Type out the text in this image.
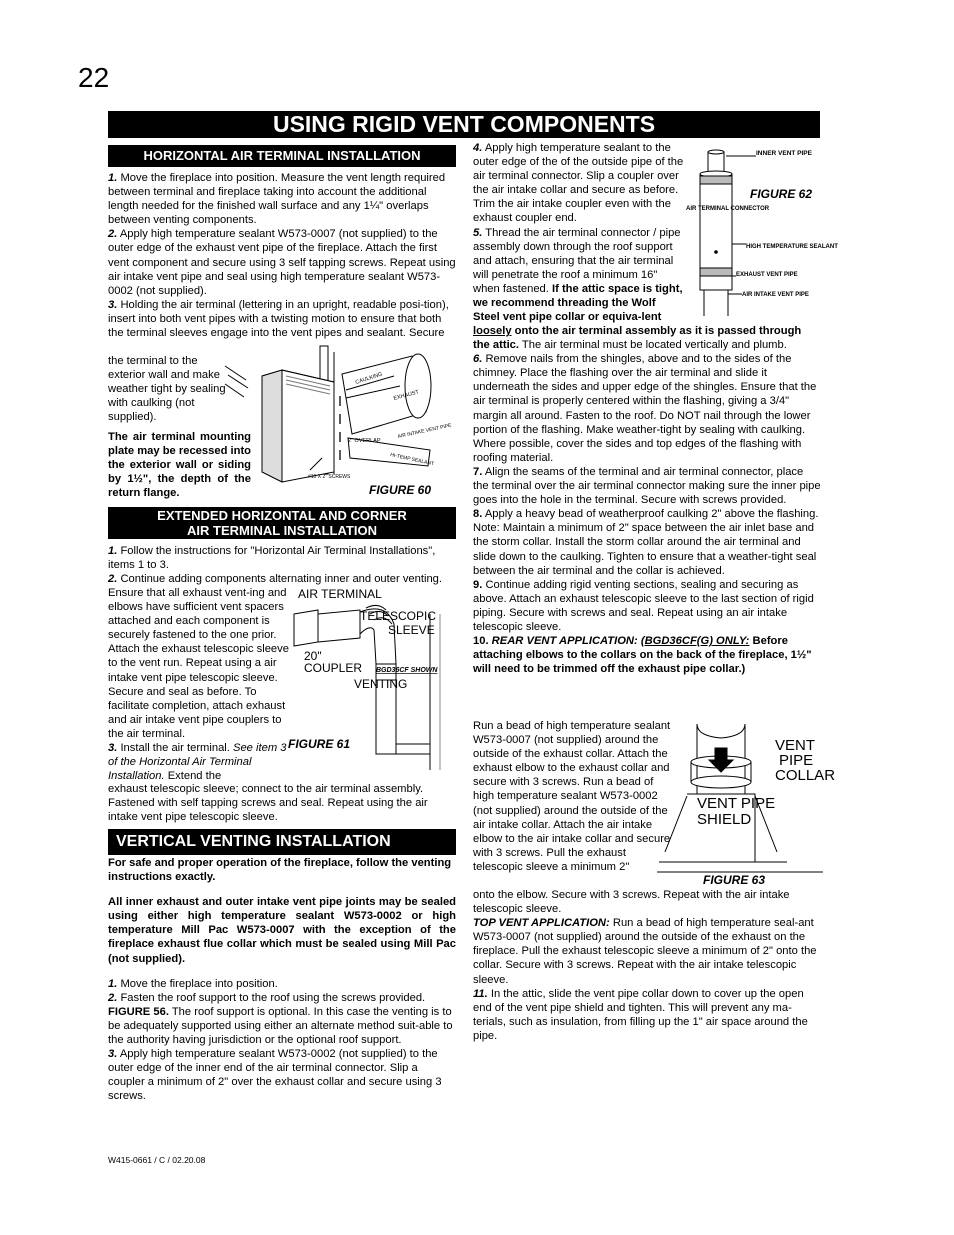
22
USING RIGID VENT COMPONENTS
HORIZONTAL AIR TERMINAL INSTALLATION

1. Move the fireplace into position. Measure the vent length required between terminal and fireplace taking into account the additional length needed for the finished wall surface and any 1¼" overlaps between venting components.

2. Apply high temperature sealant W573-0007 (not supplied) to the outer edge of the exhaust vent pipe of the fireplace. Attach the first vent component and secure using 3 self tapping screws. Repeat using air intake vent pipe and seal using high temperature sealant W573-0002 (not supplied).

3. Holding the air terminal (lettering in an upright, readable posi-tion), insert into both vent pipes with a twisting motion to ensure that both the terminal sleeves engage into the vent pipes and sealant. Secure

the terminal to the exterior wall and make weather tight by sealing with caulking (not supplied).
The air terminal mounting plate may be recessed into the exterior wall or siding by 1½", the depth of the return flange.
CAULKING
EXHAUST
2" OVERLAP
AIR INTAKE VENT PIPE
HI-TEMP SEALANT
#10 X 2" SCREWS
FIGURE 60
EXTENDED HORIZONTAL AND CORNER
AIR TERMINAL INSTALLATION

1. Follow the instructions for "Horizontal Air Terminal Installations", items 1 to 3.

2. Continue adding components alternating inner and outer venting.

Ensure that all exhaust vent-ing and elbows have sufficient vent spacers attached and each component is securely fastened to the one prior. Attach the exhaust telescopic sleeve to the vent run. Repeat using a air intake vent pipe telescopic sleeve. Secure and seal as before. To facilitate completion, attach exhaust and air intake vent pipe couplers to the air terminal.

3. Install the air terminal. See item 3 of the Horizontal Air Terminal Installation. Extend the

exhaust telescopic sleeve; connect to the air terminal assembly. Fastened with self tapping screws and seal. Repeat using the air intake vent pipe telescopic sleeve.
AIR TERMINAL
TELESCOPIC
SLEEVE
20"
COUPLER
VENTING
BGD36CF SHOWN
FIGURE 61
VERTICAL VENTING INSTALLATION

For safe and proper operation of the fireplace, follow the venting instructions exactly.

All inner exhaust and outer intake vent pipe joints may be sealed using either high temperature sealant W573-0002 or high temperature Mill Pac W573-0007 with the exception of the fireplace exhaust flue collar which must be sealed using Mill Pac (not supplied).

1. Move the fireplace into position.

2. Fasten the roof support to the roof using the screws provided. FIGURE 56. The roof support is optional. In this case the venting is to be adequately supported using either an alternate method suit-able to the authority having jurisdiction or the optional roof support.

3. Apply high temperature sealant W573-0002 (not supplied) to the outer edge of the inner end of the air terminal connector. Slip a coupler a minimum of 2" over the exhaust collar and secure using 3 screws.

4. Apply high temperature sealant to the outer edge of the of the outside pipe of the air terminal connector. Slip a coupler over the air intake collar and secure as before. Trim the air intake coupler even with the exhaust coupler end.

5. Thread the air terminal connector / pipe assembly down through the roof support and attach, ensuring that the air terminal will penetrate the roof a minimum 16" when fastened. If the attic space is tight, we recommend threading the Wolf Steel vent pipe collar or equiva-lent

loosely onto the air terminal assembly as it is passed through the attic. The air terminal must be located vertically and plumb.

6. Remove nails from the shingles, above and to the sides of the chimney. Place the flashing over the air terminal and slide it underneath the sides and upper edge of the shingles. Ensure that the air terminal is properly centered within the flashing, giving a 3/4" margin all around. Fasten to the roof. Do NOT nail through the lower portion of the flashing. Make weather-tight by sealing with caulking. Where possible, cover the sides and top edges of the flashing with roofing material.

7. Align the seams of the terminal and air terminal connector, place the terminal over the air terminal connector making sure the inner pipe goes into the hole in the terminal. Secure with screws provided.

8. Apply a heavy bead of weatherproof caulking 2" above the flashing. Note: Maintain a minimum of 2" space between the air inlet base and the storm collar. Install the storm collar around the air terminal and slide down to the caulking. Tighten to ensure that a weather-tight seal between the air terminal and the collar is achieved.

9. Continue adding rigid venting sections, sealing and securing as above. Attach an exhaust telescopic sleeve to the last section of rigid piping. Secure with screws and seal. Repeat using an air intake telescopic sleeve.

10. REAR VENT APPLICATION: (BGD36CF(G) ONLY: Before attaching elbows to the collars on the back of the fireplace, 1½" will need to be trimmed off the exhaust pipe collar.)

Run a bead of high temperature sealant W573-0007 (not supplied) around the outside of the exhaust collar. Attach the exhaust elbow to the exhaust collar and secure with 3 screws. Run a bead of high temperature sealant W573-0002 (not supplied) around the outside of the air intake collar. Attach the air intake elbow to the air intake collar and secure with 3 screws. Pull the exhaust telescopic sleeve a minimum 2"

onto the elbow. Secure with 3 screws. Repeat with the air intake telescopic sleeve.

TOP VENT APPLICATION: Run a bead of high temperature seal-ant W573-0007 (not supplied) around the outside of the exhaust on the fireplace. Pull the exhaust telescopic sleeve a minimum of 2" onto the collar. Secure with 3 screws. Repeat with the air intake telescopic sleeve.

11. In the attic, slide the vent pipe collar down to cover up the open end of the vent pipe shield and tighten. This will prevent any ma-terials, such as insulation, from filling up the 1" air space around the pipe.

INNER VENT PIPE
AIR TERMINAL CONNECTOR
HIGH TEMPERATURE SEALANT
EXHAUST VENT PIPE
AIR INTAKE VENT PIPE
FIGURE 62
VENT
PIPE
COLLAR
VENT PIPE
SHIELD
FIGURE 63
W415-0661 / C / 02.20.08
